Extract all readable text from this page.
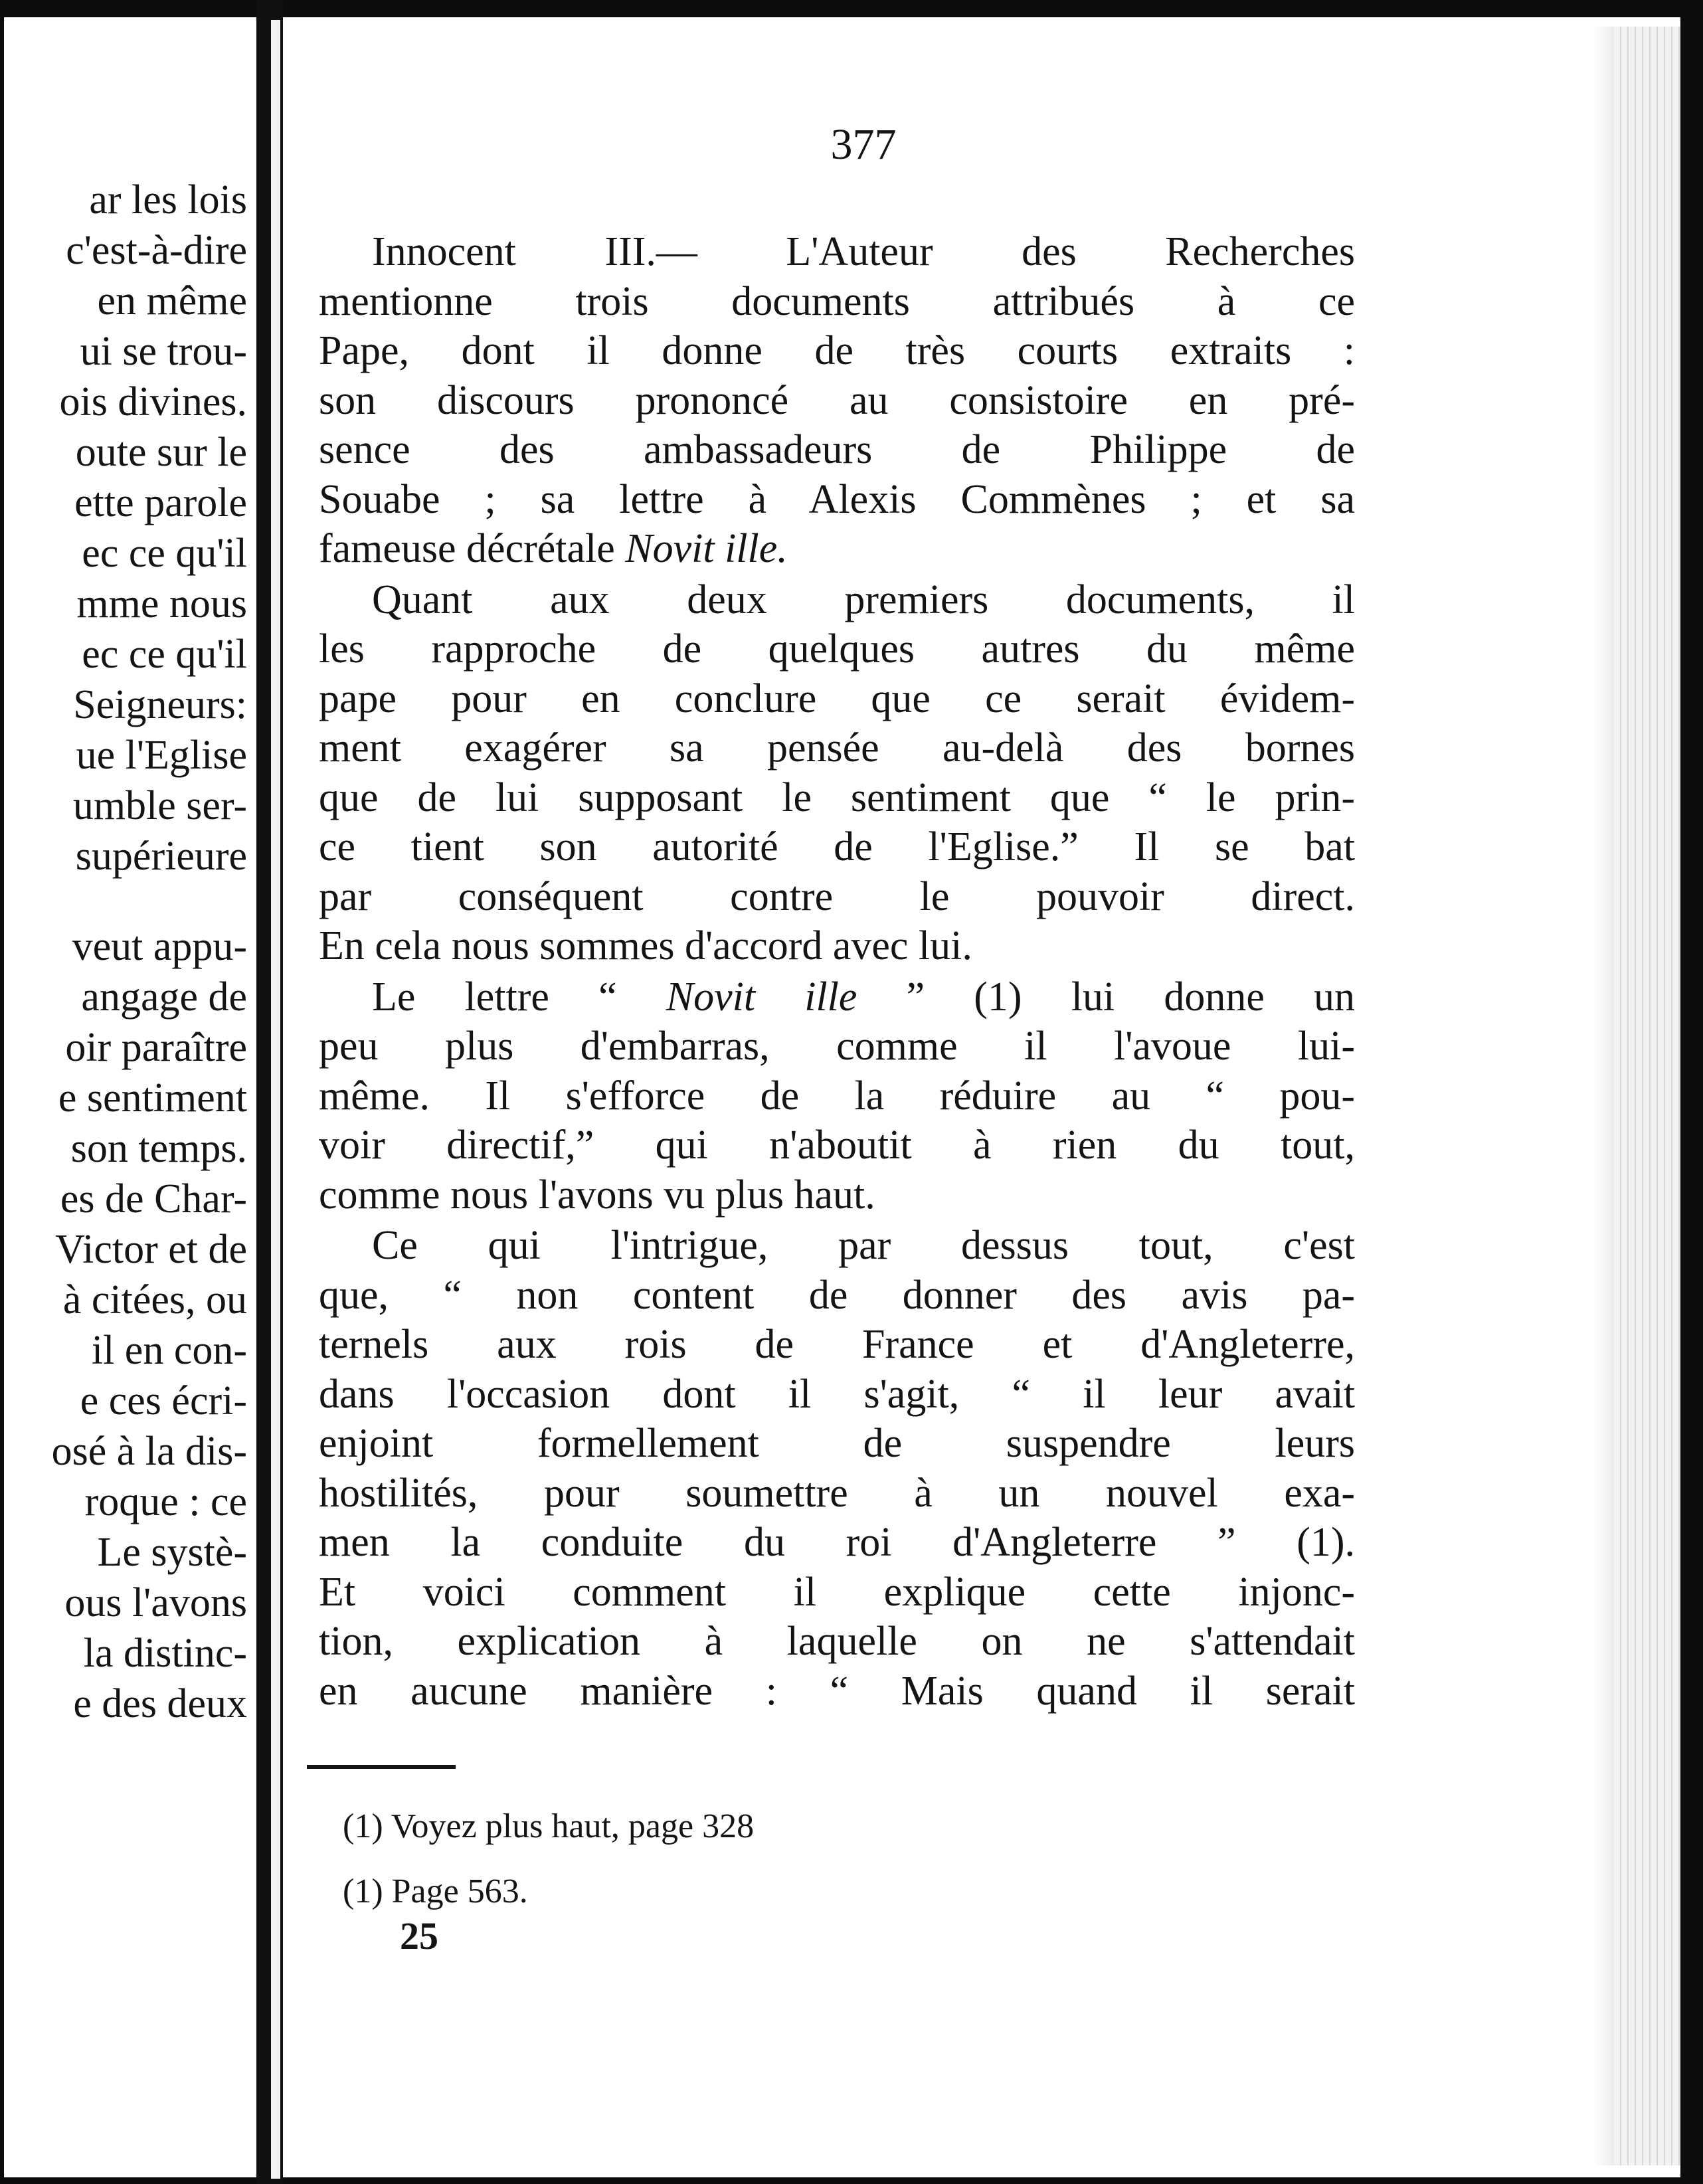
ar les lois
c'est-à-dire
en même
ui se trou-
ois divines.
oute sur le
ette parole
ec ce qu'il
mme nous
ec ce qu'il
Seigneurs:
ue l'Eglise
umble ser-
supérieure
veut appu-
angage de
oir paraître
e sentiment
son temps.
es de Char-
Victor et de
à citées, ou
il en con-
e ces écri-
osé à la dis-
roque : ce
Le systè-
ous l'avons
la distinc-
e des deux
377
Innocent III.— L'Auteur des Recherches
mentionne trois documents attribués à ce
Pape, dont il donne de très courts extraits :
son discours prononcé au consistoire en pré-
sence des ambassadeurs de Philippe de
Souabe ; sa lettre à Alexis Commènes ; et sa
fameuse décrétale Novit ille.
Quant aux deux premiers documents, il
les rapproche de quelques autres du même
pape pour en conclure que ce serait évidem-
ment exagérer sa pensée au-delà des bornes
que de lui supposant le sentiment que “ le prin-
ce tient son autorité de l'Eglise.” Il se bat
par conséquent contre le pouvoir direct.
En cela nous sommes d'accord avec lui.
Le lettre “ Novit ille ” (1) lui donne un
peu plus d'embarras, comme il l'avoue lui-
même. Il s'efforce de la réduire au “ pou-
voir directif,” qui n'aboutit à rien du tout,
comme nous l'avons vu plus haut.
Ce qui l'intrigue, par dessus tout, c'est
que, “ non content de donner des avis pa-
ternels aux rois de France et d'Angleterre,
dans l'occasion dont il s'agit, “ il leur avait
enjoint formellement de suspendre leurs
hostilités, pour soumettre à un nouvel exa-
men la conduite du roi d'Angleterre ” (1).
Et voici comment il explique cette injonc-
tion, explication à laquelle on ne s'attendait
en aucune manière : “ Mais quand il serait
(1) Voyez plus haut, page 328
(1) Page 563.
25
